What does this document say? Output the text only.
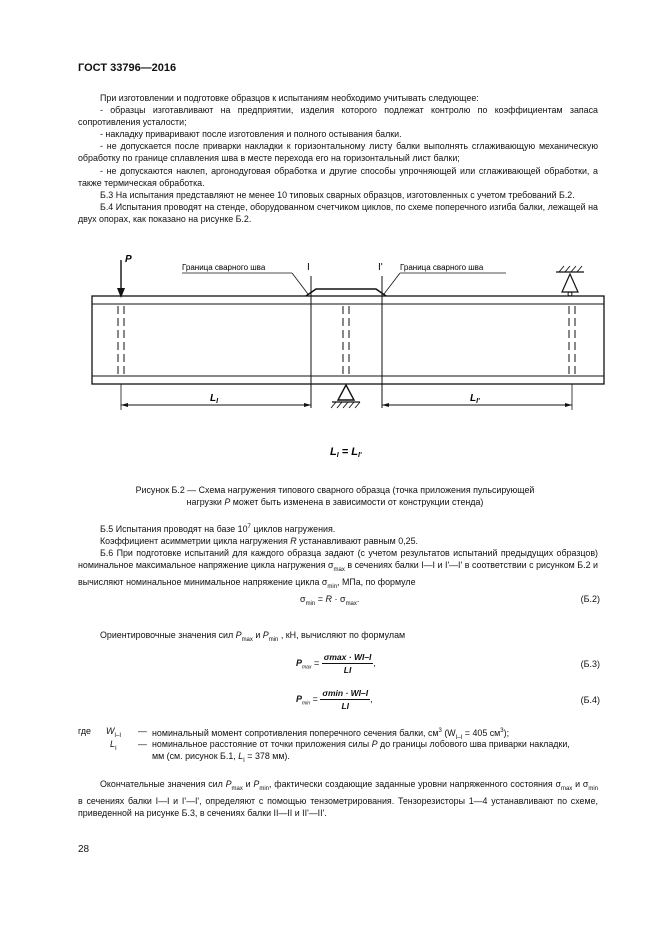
ГОСТ 33796—2016

При изготовлении и подготовке образцов к испытаниям необходимо учитывать следующее:

- образцы изготавливают на предприятии, изделия которого подлежат контролю по коэффициентам запаса сопротивления усталости;

- накладку приваривают после изготовления и полного остывания балки.

- не допускается после приварки накладки к горизонтальному листу балки выполнять сглаживающую механическую обработку по границе сплавления шва в месте перехода его на горизонтальный лист балки;

- не допускаются наклеп, аргонодуговая обработка и другие способы упрочняющей или сглаживающей обработки, а также термическая обработка.

Б.3 На испытания представляют не менее 10 типовых сварных образцов, изготовленных с учетом требований Б.2.

Б.4 Испытания проводят на стенде, оборудованном счетчиком циклов, по схеме поперечного изгиба балки, лежащей на двух опорах, как показано на рисунке Б.2.

P
Граница сварного шва	Граница сварного шва
I	I'
$L_I$	$L_{I'}$
LI = LI'
Рисунок Б.2 — Схема нагружения типового сварного образца (точка приложения пульсирующей
нагрузки P может быть изменена в зависимости от конструкции стенда)

Б.5 Испытания проводят на базе $10^7$ циклов нагружения.

Коэффициент асимметрии цикла нагружения R устанавливают равным 0,25.

Б.6 При подготовке испытаний для каждого образца задают (с учетом результатов испытаний предыдущих образцов) номинальное максимальное напряжение цикла нагружения $\sigma_{max}$ в сечениях балки I—I и I'—I' в соответствии с рисунком Б.2 и вычисляют номинальное минимальное напряжение цикла $\sigma_{min}$, МПа, по формуле

$\sigma_{min} = R \cdot \sigma_{max}$.	(Б.2)

Ориентировочные значения сил $P_{max}$ и $P_{min}$ , кН, вычисляют по формулам

$P_{max} = \frac{\sigma\max \cdot WI-I}{LI}$ ,	(Б.3)
$P_{min} = \frac{\sigma\min \cdot WI-I}{LI}$ ,	(Б.4)
где $W_{I-I}$ — номинальный момент сопротивления поперечного сечения балки, $см^3$ ($W_{I-I} = 405$ $см^3$);
$L_I$ — номинальное расстояние от точки приложения силы P до границы лобового шва приварки накладки,
мм (см. рисунок Б.1, $L_I = 378$ мм).

Окончательные значения сил $P_{max}$ и $P_{min}$, фактически создающие заданные уровни напряженного состояния $\sigma_{max}$ и $\sigma_{min}$ в сечениях балки I—I и I'—I', определяют с помощью тензометрирования. Тензорезисторы 1—4 устанавливают по схеме, приведенной на рисунке Б.3, в сечениях балки II—II и II'—II'.

28
